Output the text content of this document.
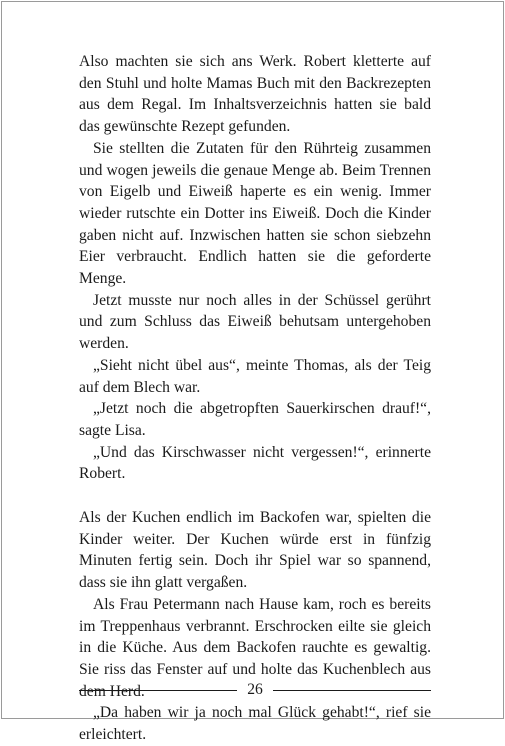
Also machten sie sich ans Werk. Robert kletterte auf den Stuhl und holte Mamas Buch mit den Backrezepten aus dem Regal. Im Inhaltsverzeichnis hatten sie bald das gewünschte Rezept gefunden.

Sie stellten die Zutaten für den Rührteig zusammen und wogen jeweils die genaue Menge ab. Beim Trennen von Eigelb und Eiweiß haperte es ein wenig. Immer wieder rutschte ein Dotter ins Eiweiß. Doch die Kinder gaben nicht auf. Inzwischen hatten sie schon siebzehn Eier verbraucht. Endlich hatten sie die geforderte Menge.

Jetzt musste nur noch alles in der Schüssel gerührt und zum Schluss das Eiweiß behutsam untergehoben werden.

„Sieht nicht übel aus“, meinte Thomas, als der Teig auf dem Blech war.

„Jetzt noch die abgetropften Sauerkirschen drauf!“, sagte Lisa.

„Und das Kirschwasser nicht vergessen!“, erinnerte Robert.

Als der Kuchen endlich im Backofen war, spielten die Kinder weiter. Der Kuchen würde erst in fünfzig Minuten fertig sein. Doch ihr Spiel war so spannend, dass sie ihn glatt vergaßen.

Als Frau Petermann nach Hause kam, roch es bereits im Treppenhaus verbrannt. Erschrocken eilte sie gleich in die Küche. Aus dem Backofen rauchte es gewaltig. Sie riss das Fenster auf und holte das Kuchenblech aus dem Herd.

„Da haben wir ja noch mal Glück gehabt!“, rief sie erleichtert.

26
